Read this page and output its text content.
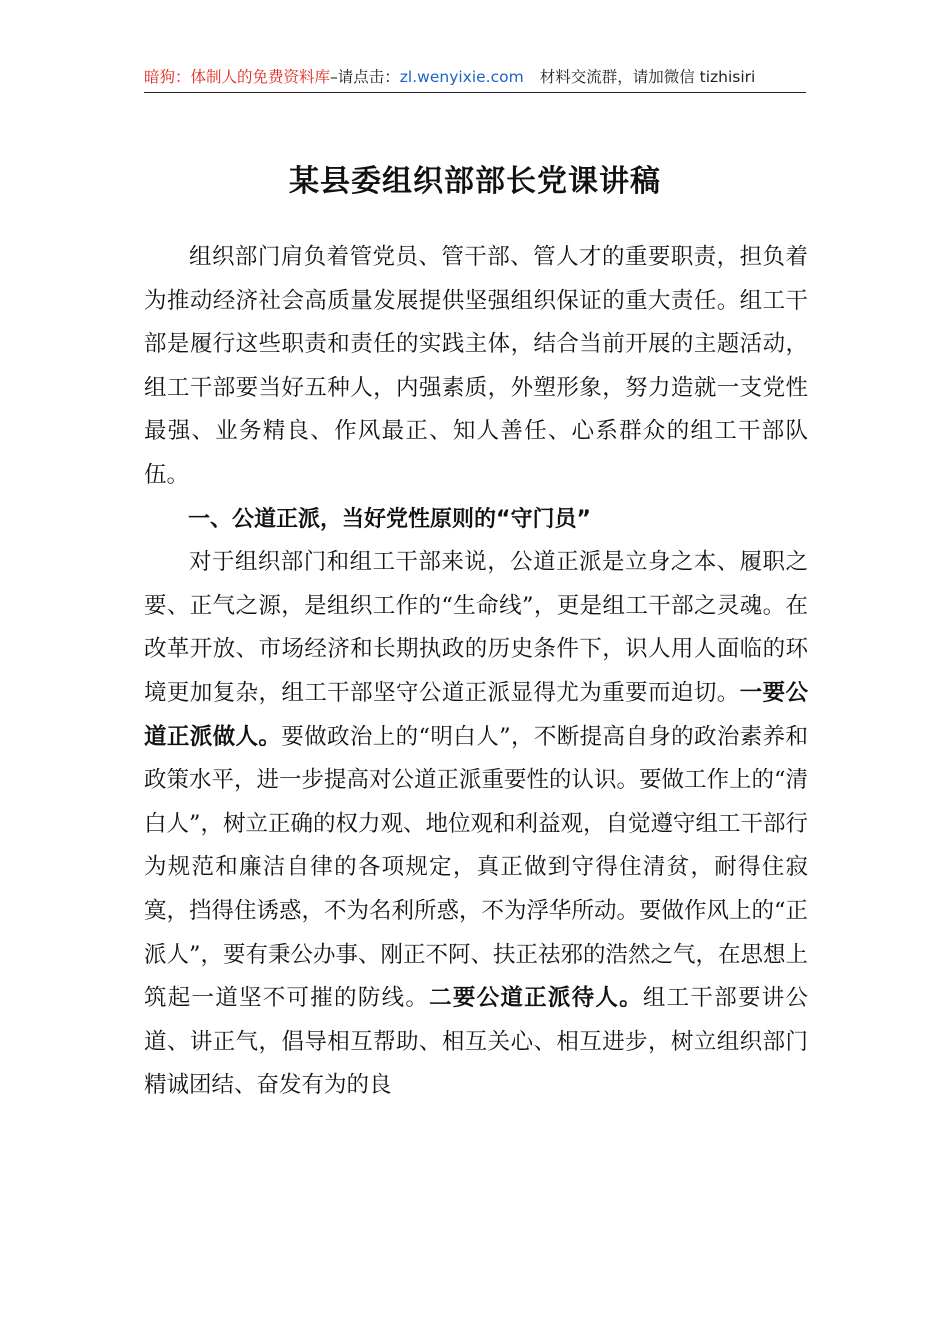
暗狗：体制人的免费资料库–请点击：zl.wenyixie.com 材料交流群，请加微信 tizhisiri
某县委组织部部长党课讲稿

组织部门肩负着管党员、管干部、管人才的重要职责，担负着为推动经济社会高质量发展提供坚强组织保证的重大责任。组工干部是履行这些职责和责任的实践主体，结合当前开展的主题活动，组工干部要当好五种人，内强素质，外塑形象，努力造就一支党性最强、业务精良、作风最正、知人善任、心系群众的组工干部队伍。

一、公道正派，当好党性原则的“守门员”

对于组织部门和组工干部来说，公道正派是立身之本、履职之要、正气之源，是组织工作的“生命线”，更是组工干部之灵魂。在改革开放、市场经济和长期执政的历史条件下，识人用人面临的环境更加复杂，组工干部坚守公道正派显得尤为重要而迫切。一要公道正派做人。要做政治上的“明白人”，不断提高自身的政治素养和政策水平，进一步提高对公道正派重要性的认识。要做工作上的“清白人”，树立正确的权力观、地位观和利益观，自觉遵守组工干部行为规范和廉洁自律的各项规定，真正做到守得住清贫，耐得住寂寞，挡得住诱惑，不为名利所惑，不为浮华所动。要做作风上的“正派人”，要有秉公办事、刚正不阿、扶正祛邪的浩然之气，在思想上筑起一道坚不可摧的防线。二要公道正派待人。组工干部要讲公道、讲正气，倡导相互帮助、相互关心、相互进步，树立组织部门精诚团结、奋发有为的良
